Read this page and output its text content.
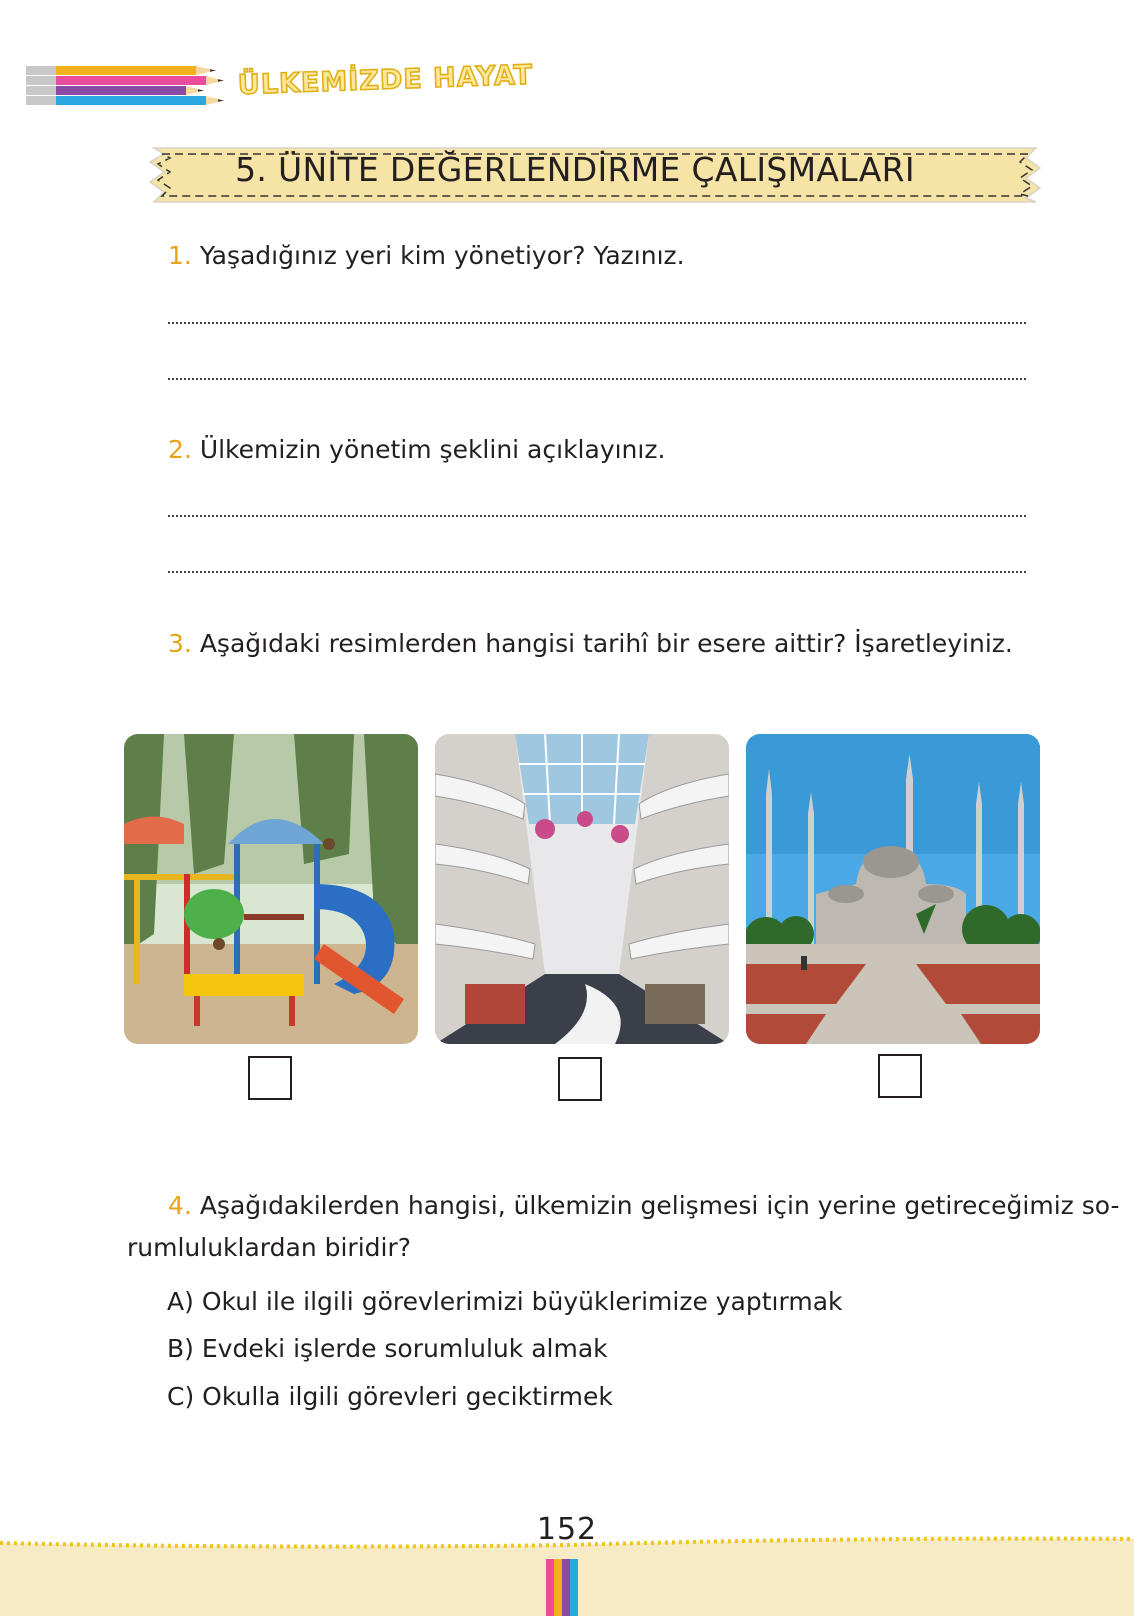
ÜLKEMİZDE HAYAT
5. ÜNİTE DEĞERLENDİRME ÇALIŞMALARI
1. Yaşadığınız yeri kim yönetiyor? Yazınız.
2. Ülkemizin yönetim şeklini açıklayınız.
3. Aşağıdaki resimlerden hangisi tarihî bir esere aittir? İşaretleyiniz.
4. Aşağıdakilerden hangisi, ülkemizin gelişmesi için yerine getireceğimiz so-
rumluluklardan biridir?
A) Okul ile ilgili görevlerimizi büyüklerimize yaptırmak
B) Evdeki işlerde sorumluluk almak
C) Okulla ilgili görevleri geciktirmek
152
